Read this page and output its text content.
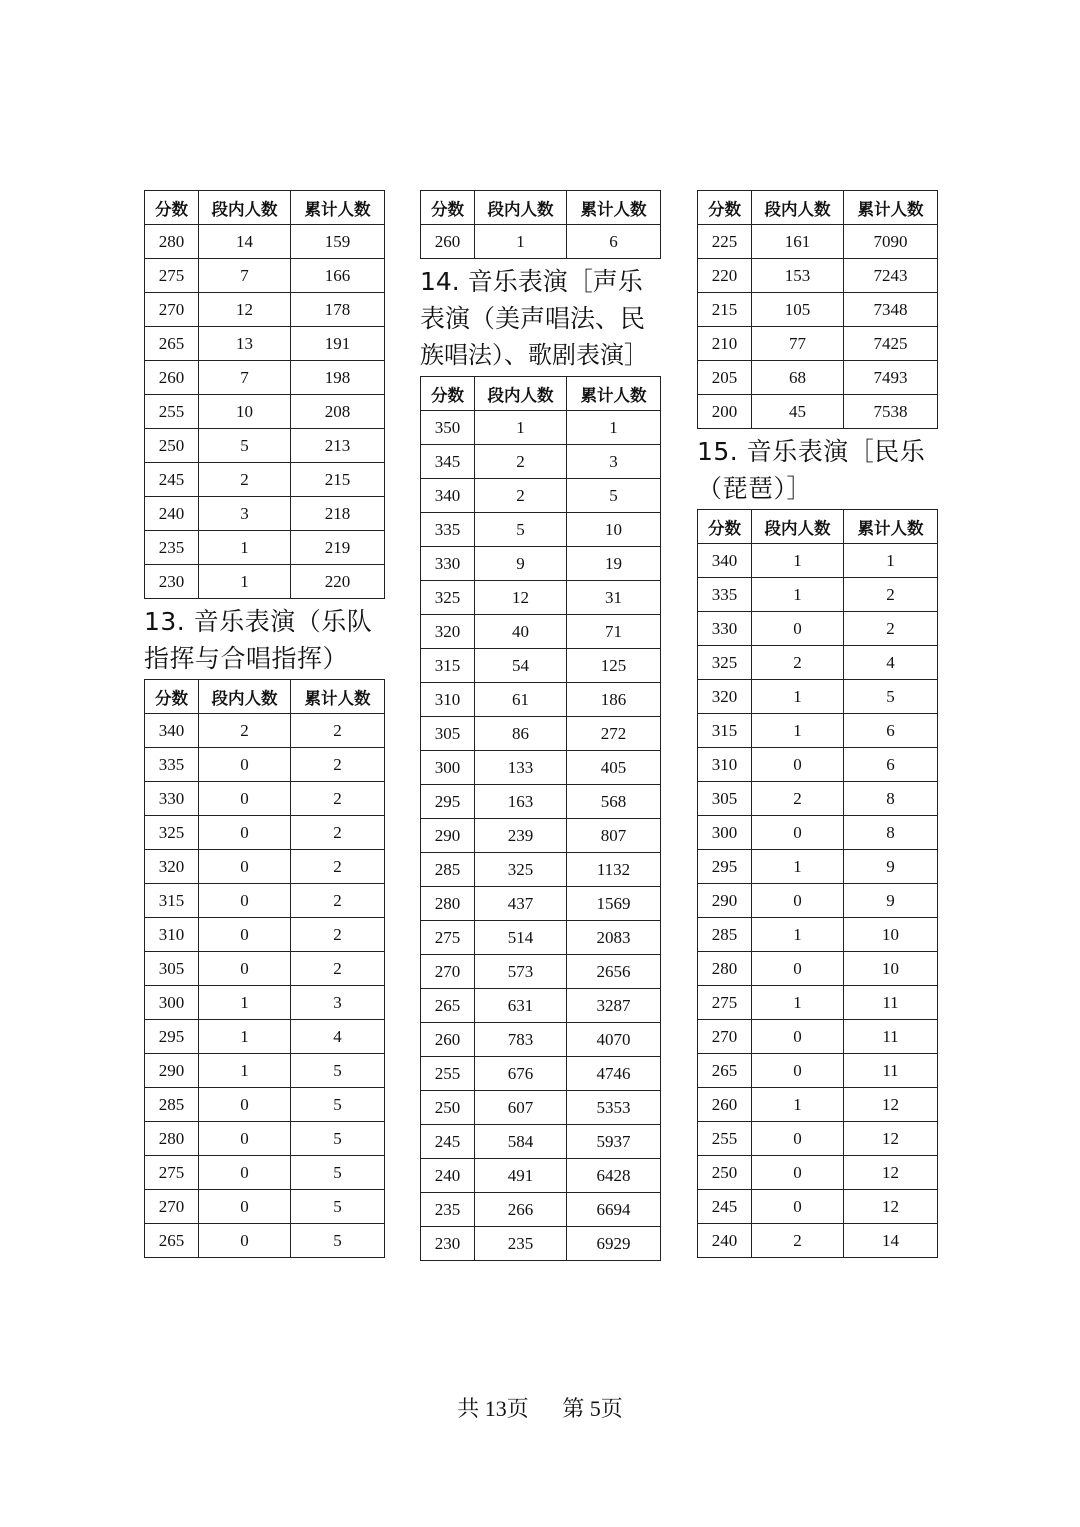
分数	段内人数	累计人数
280	14	159
275	7	166
270	12	178
265	13	191
260	7	198
255	10	208
250	5	213
245	2	215
240	3	218
235	1	219
230	1	220
13. 音乐表演（乐队
指挥与合唱指挥）
分数	段内人数	累计人数
340	2	2
335	0	2
330	0	2
325	0	2
320	0	2
315	0	2
310	0	2
305	0	2
300	1	3
295	1	4
290	1	5
285	0	5
280	0	5
275	0	5
270	0	5
265	0	5
分数	段内人数	累计人数
260	1	6
14. 音乐表演［声乐
表演（美声唱法、民
族唱法）、歌剧表演］
分数	段内人数	累计人数
350	1	1
345	2	3
340	2	5
335	5	10
330	9	19
325	12	31
320	40	71
315	54	125
310	61	186
305	86	272
300	133	405
295	163	568
290	239	807
285	325	1132
280	437	1569
275	514	2083
270	573	2656
265	631	3287
260	783	4070
255	676	4746
250	607	5353
245	584	5937
240	491	6428
235	266	6694
230	235	6929
分数	段内人数	累计人数
225	161	7090
220	153	7243
215	105	7348
210	77	7425
205	68	7493
200	45	7538
15. 音乐表演［民乐
（琵琶）］
分数	段内人数	累计人数
340	1	1
335	1	2
330	0	2
325	2	4
320	1	5
315	1	6
310	0	6
305	2	8
300	0	8
295	1	9
290	0	9
285	1	10
280	0	10
275	1	11
270	0	11
265	0	11
260	1	12
255	0	12
250	0	12
245	0	12
240	2	14
共 13页 第 5页
